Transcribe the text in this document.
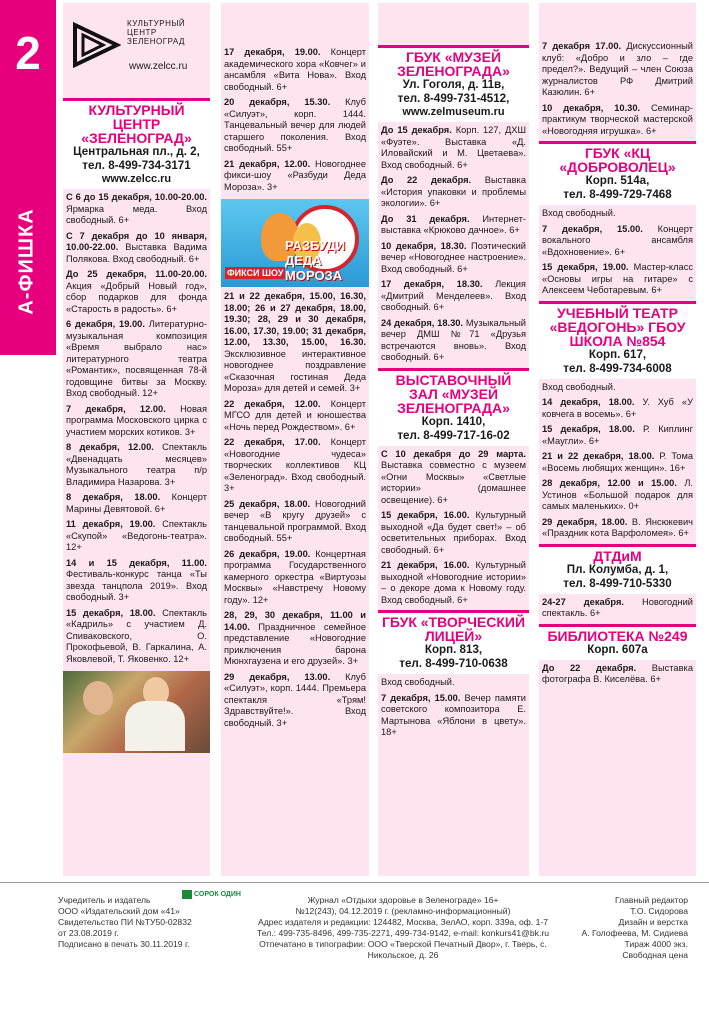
2
А-ФИШКА
КУЛЬТУРНЫЙ ЦЕНТР ЗЕЛЕНОГРАД
www.zelcc.ru
КУЛЬТУРНЫЙ ЦЕНТР «ЗЕЛЕНОГРАД»
Центральная пл., д. 2,
тел. 8-499-734-3171
www.zelcc.ru
С 6 до 15 декабря, 10.00-20.00. Ярмарка меда. Вход свободный. 6+
С 7 декабря до 10 января, 10.00-22.00. Выставка Вадима Полякова. Вход свободный. 6+
До 25 декабря, 11.00-20.00. Акция «Добрый Новый год», сбор подарков для фонда «Старость в радость». 6+
6 декабря, 19.00. Литературно-музыкальная композиция «Время выбрало нас» литературного театра «Романтик», посвященная 78-й годовщине битвы за Москву. Вход свободный. 12+
7 декабря, 12.00. Новая программа Московского цирка с участием морских котиков. 3+
8 декабря, 12.00. Спектакль «Двенадцать месяцев» Музыкального театра п/р Владимира Назарова. 3+
8 декабря, 18.00. Концерт Марины Девятовой. 6+
11 декабря, 19.00. Спектакль «Скупой» «Ведогонь-театра». 12+
14 и 15 декабря, 11.00. Фестиваль-конкурс танца «Ты звезда танцпола 2019». Вход свободный. 3+
15 декабря, 18.00. Спектакль «Кадриль» с участием Д. Спиваковского, О. Прокофьевой, В. Гаркалина, А. Яковлевой, Т. Яковенко. 12+
17 декабря, 19.00. Концерт академического хора «Ковчег» и ансамбля «Вита Нова». Вход свободный. 6+
20 декабря, 15.30. Клуб «Силуэт», корп. 1444. Танцевальный вечер для людей старшего поколения. Вход свободный. 55+
21 декабря, 12.00. Новогоднее фикси-шоу «Разбуди Деда Мороза». 3+
ФИКСИ ШОУ
РАЗБУДИ ДЕДА МОРОЗА
21 и 22 декабря, 15.00, 16.30, 18.00; 26 и 27 декабря, 18.00, 19.30; 28, 29 и 30 декабря, 16.00, 17.30, 19.00; 31 декабря, 12.00, 13.30, 15.00, 16.30. Эксклюзивное интерактивное новогоднее поздравление «Сказочная гостиная Деда Мороза» для детей и семей. 3+
22 декабря, 12.00. Концерт МГСО для детей и юношества «Ночь перед Рождеством». 6+
22 декабря, 17.00. Концерт «Новогодние чудеса» творческих коллективов КЦ «Зеленоград». Вход свободный. 3+
25 декабря, 18.00. Новогодний вечер «В кругу друзей» с танцевальной программой. Вход свободный. 55+
26 декабря, 19.00. Концертная программа Государственного камерного оркестра «Виртуозы Москвы» «Навстречу Новому году». 12+
28, 29, 30 декабря, 11.00 и 14.00. Праздничное семейное представление «Новогодние приключения барона Мюнхгаузена и его друзей». 3+
29 декабря, 13.00. Клуб «Силуэт», корп. 1444. Премьера спектакля «Трям! Здравствуйте!». Вход свободный. 3+
ГБУК «МУЗЕЙ ЗЕЛЕНОГРАДА»
Ул. Гоголя, д. 11в,
тел. 8-499-731-4512,
www.zelmuseum.ru
До 15 декабря. Корп. 127, ДХШ «Фуэте». Выставка «Д. Иловайский и М. Цветаева». Вход свободный. 6+
До 22 декабря. Выставка «История упаковки и проблемы экологии». 6+
До 31 декабря. Интернет-выставка «Крюково дачное». 6+
10 декабря, 18.30. Поэтический вечер «Новогоднее настроение». Вход свободный. 6+
17 декабря, 18.30. Лекция «Дмитрий Менделеев». Вход свободный. 6+
24 декабря, 18.30. Музыкальный вечер ДМШ №71 «Друзья встречаются вновь». Вход свободный. 6+
ВЫСТАВОЧНЫЙ ЗАЛ «МУЗЕЙ ЗЕЛЕНОГРАДА»
Корп. 1410,
тел. 8-499-717-16-02
С 10 декабря до 29 марта. Выставка совместно с музеем «Огни Москвы» «Светлые истории» (домашнее освещение). 6+
15 декабря, 16.00. Культурный выходной «Да будет свет!» – об осветительных приборах. Вход свободный. 6+
21 декабря, 16.00. Культурный выходной «Новогодние истории» – о декоре дома к Новому году. Вход свободный. 6+
ГБУК «ТВОРЧЕСКИЙ ЛИЦЕЙ»
Корп. 813,
тел. 8-499-710-0638
Вход свободный.
7 декабря, 15.00. Вечер памяти советского композитора Е. Мартынова «Яблони в цвету». 18+
7 декабря 17.00. Дискуссионный клуб: «Добро и зло – где предел?». Ведущий – член Союза журналистов РФ Дмитрий Казюлин. 6+
10 декабря, 10.30. Семинар-практикум творческой мастерской «Новогодняя игрушка». 6+
ГБУК «КЦ «ДОБРОВОЛЕЦ»
Корп. 514а,
тел. 8-499-729-7468
Вход свободный.
7 декабря, 15.00. Концерт вокального ансамбля «Вдохновение». 6+
15 декабря, 19.00. Мастер-класс «Основы игры на гитаре» с Алексеем Чеботаревым. 6+
УЧЕБНЫЙ ТЕАТР «ВЕДОГОНЬ» ГБОУ ШКОЛА №854
Корп. 617,
тел. 8-499-734-6008
Вход свободный.
14 декабря, 18.00. У. Хуб «У ковчега в восемь». 6+
15 декабря, 18.00. Р. Киплинг «Маугли». 6+
21 и 22 декабря, 18.00. Р. Тома «Восемь любящих женщин». 16+
28 декабря, 12.00 и 15.00. Л. Устинов «Большой подарок для самых маленьких». 0+
29 декабря, 18.00. В. Янсюкевич «Праздник кота Варфоломея». 6+
ДТДиМ
Пл. Колумба, д. 1,
тел. 8-499-710-5330
24-27 декабря. Новогодний спектакль. 6+
БИБЛИОТЕКА №249
Корп. 607а
До 22 декабря. Выставка фотографа В. Киселёва. 6+
СОРОК ОДИН
Учредитель и издатель
ООО «Издательский дом «41»
Свидетельство ПИ №ТУ50-02832
от 23.08.2019 г.
Подписано в печать 30.11.2019 г.
Журнал «Отдыхи здоровье в Зеленограде» 16+
№12(243), 04.12.2019 г. (рекламно-информационный)
Адрес издателя и редакции: 124482, Москва, ЗелАО, корп. 339а, оф. 1-7
Тел.: 499-735-8496, 499-735-2271, 499-734-9142, e-mail: konkurs41@bk.ru
Отпечатано в типографии: ООО «Тверской Печатный Двор», г. Тверь, с. Никольское, д. 26
Главный редактор
Т.О. Сидорова
Дизайн и верстка
А. Голофеева, М. Сидиева
Тираж 4000 экз.
Свободная цена
